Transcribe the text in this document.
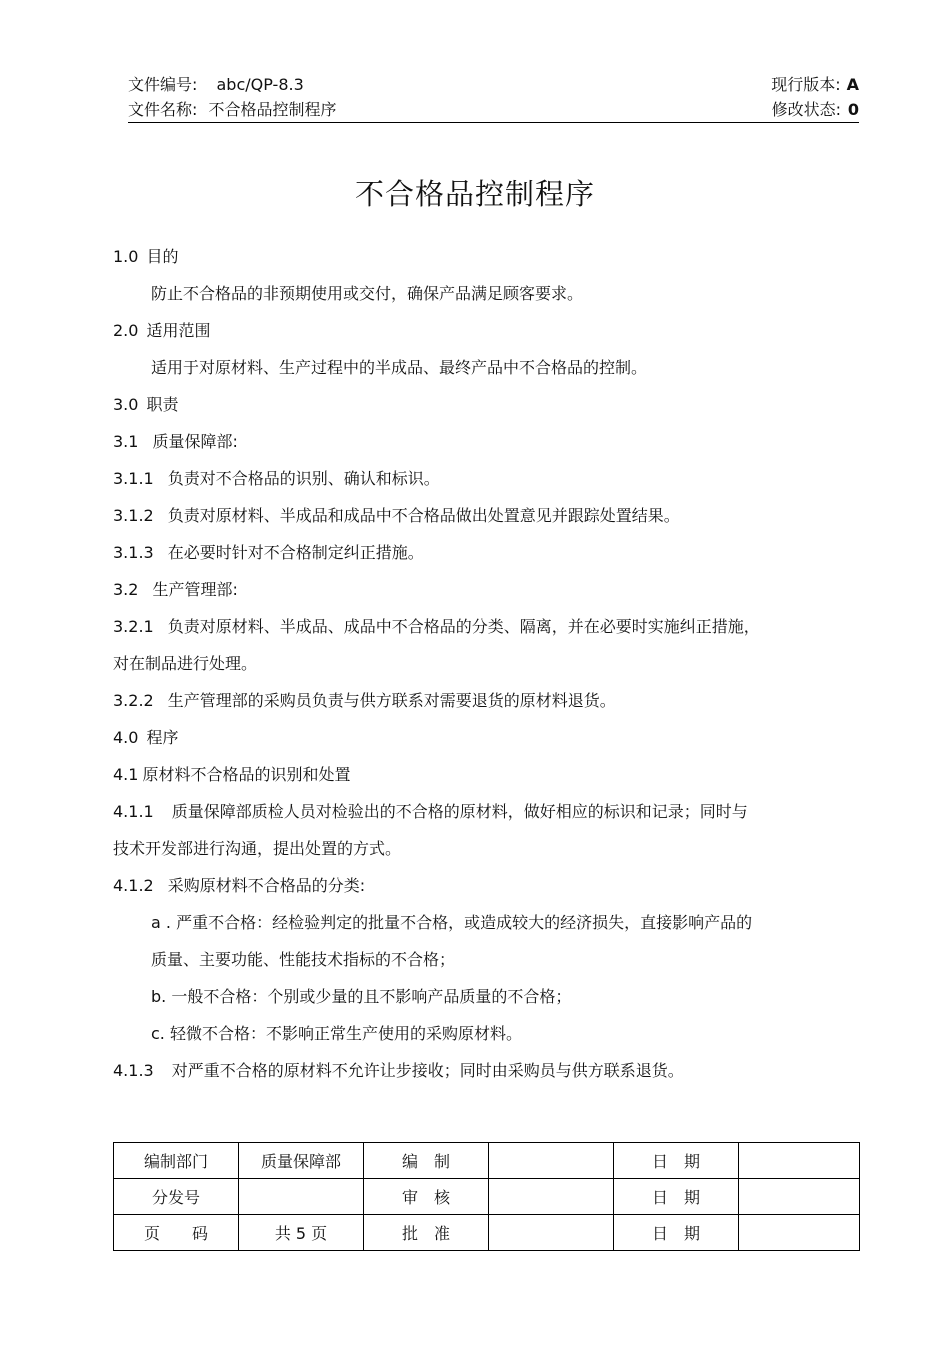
文件编号: abc/QP-8.3	现行版本: A
文件名称: 不合格品控制程序	修改状态: 0
不合格品控制程序
1.0 目的
防止不合格品的非预期使用或交付，确保产品满足顾客要求。
2.0 适用范围
适用于对原材料、生产过程中的半成品、最终产品中不合格品的控制。
3.0 职责
3.1 质量保障部:
3.1.1 负责对不合格品的识别、确认和标识。
3.1.2 负责对原材料、半成品和成品中不合格品做出处置意见并跟踪处置结果。
3.1.3 在必要时针对不合格制定纠正措施。
3.2 生产管理部:
3.2.1 负责对原材料、半成品、成品中不合格品的分类、隔离，并在必要时实施纠正措施，
对在制品进行处理。
3.2.2 生产管理部的采购员负责与供方联系对需要退货的原材料退货。
4.0 程序
4.1 原材料不合格品的识别和处置
4.1.1 质量保障部质检人员对检验出的不合格的原材料，做好相应的标识和记录；同时与
技术开发部进行沟通，提出处置的方式。
4.1.2 采购原材料不合格品的分类:
a . 严重不合格：经检验判定的批量不合格，或造成较大的经济损失，直接影响产品的
质量、主要功能、性能技术指标的不合格；
b. 一般不合格：个别或少量的且不影响产品质量的不合格；
c. 轻微不合格：不影响正常生产使用的采购原材料。
4.1.3 对严重不合格的原材料不允许让步接收；同时由采购员与供方联系退货。
编制部门	质量保障部	编　制		日　期	
分发号		审　核		日　期	
页　　码	共 5 页	批　准		日　期	
